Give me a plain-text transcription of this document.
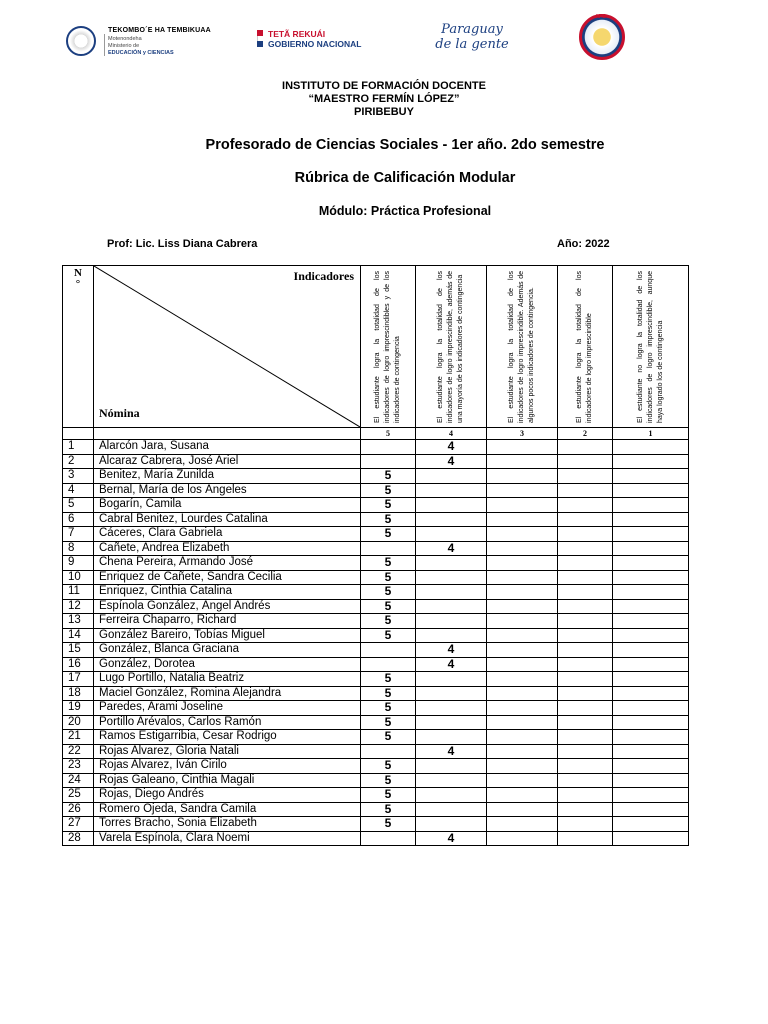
TEKOMBO´E HA TEMBIKUAA
Motenondeha
Ministerio de
EDUCACIÓN y CIENCIAS
TETÃ REKUÁI
GOBIERNO NACIONAL
Paraguay
de la gente
I.F.D.
INSTITUTO DE FORMACIÓN DOCENTE
“MAESTRO FERMÍN LÓPEZ”
PIRIBEBUY
Profesorado de Ciencias Sociales - 1er año. 2do semestre
Rúbrica de Calificación Modular
Módulo: Práctica Profesional
Prof: Lic. Liss Diana Cabrera	Año: 2022
N
°	Indicadores
Nómina	El estudiante logra la totalidad de los indicadores de logro imprescindibles y de los indicadores de contingencia	El estudiante logra la totalidad de los indicadores de logro imprescindible, además de una mayoría de los indicadores de contingencia	El estudiante logra la totalidad de los indicadores de logro imprescindible. Además de algunos pocos indicadores de contingencia.	El estudiante logra la totalidad de los indicadores de logro imprescindible	El estudiante no logra la totalidad de los indicadores de logro imprescindible, aunque haya logrado los de contingencia

		5	4	3	2	1
1	Alarcón Jara, Susana		4			
2	Alcaraz Cabrera, José Ariel		4			
3	Benitez, María Zunilda	5				
4	Bernal, María de los Ángeles	5				
5	Bogarín, Camila	5				
6	Cabral Benitez, Lourdes Catalina	5				
7	Cáceres, Clara Gabriela	5				
8	Cañete, Andrea Elizabeth		4			
9	Chena Pereira, Armando José	5				
10	Enriquez de Cañete, Sandra Cecilia	5				
11	Enriquez, Cinthia Catalina	5				
12	Espínola González, Ángel Andrés	5				
13	Ferreira Chaparro, Richard	5				
14	González Bareiro, Tobías Miguel	5				
15	González, Blanca Graciana		4			
16	González, Dorotea		4			
17	Lugo Portillo, Natalia Beatriz	5				
18	Maciel González, Romina Alejandra	5				
19	Paredes, Arami Joseline	5				
20	Portillo Arévalos, Carlos Ramón	5				
21	Ramos Estigarribia, Cesar Rodrigo	5				
22	Rojas Alvarez, Gloria Natali		4			
23	Rojas Alvarez, Iván Cirilo	5				
24	Rojas Galeano, Cinthia Magali	5				
25	Rojas, Diego Andrés	5				
26	Romero Ojeda, Sandra Camila	5				
27	Torres Bracho, Sonia Elizabeth	5				
28	Varela Espínola, Clara Noemi		4			
